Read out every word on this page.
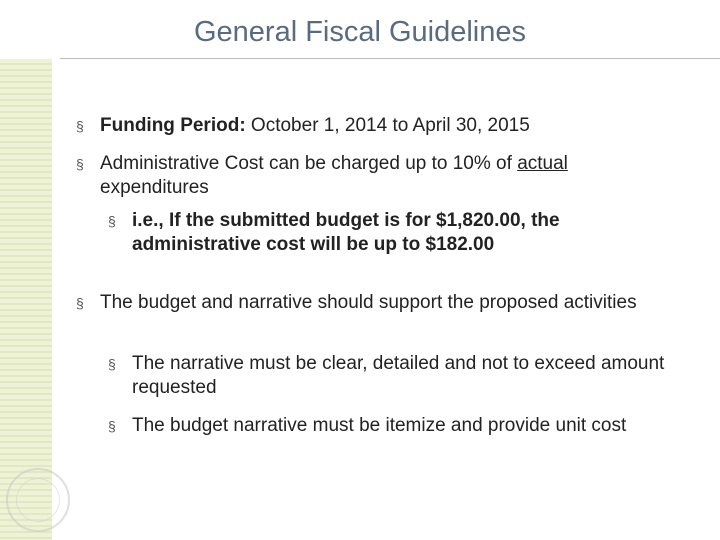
General Fiscal Guidelines
§ Funding Period: October 1, 2014 to April 30, 2015
§ Administrative Cost can be charged up to 10% of actual expenditures
§ i.e., If the submitted budget is for $1,820.00, the administrative cost will be up to $182.00
§ The budget and narrative should support the proposed activities
§ The narrative must be clear, detailed and not to exceed amount requested
§ The budget narrative must be itemize and provide unit cost
